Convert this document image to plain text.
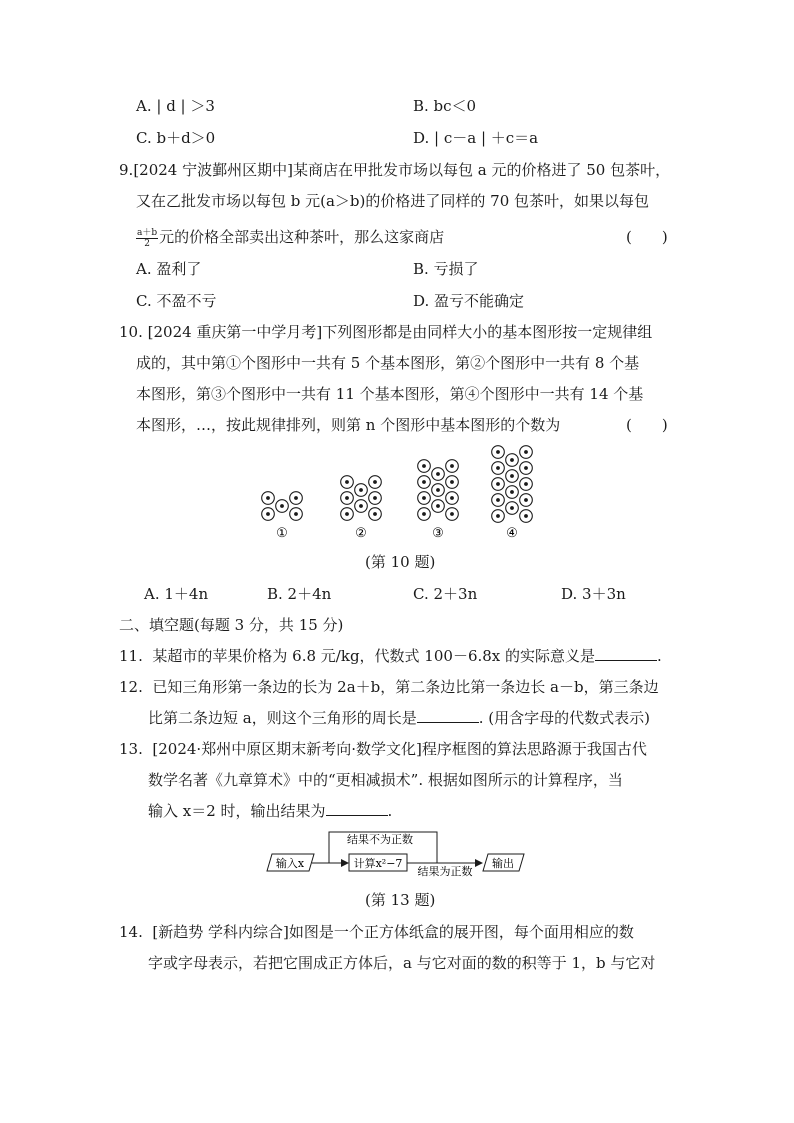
A. | d | ＞3	B. bc＜0
C. b＋d＞0	D. | c－a | ＋c＝a
9.[2024 宁波鄞州区期中]某商店在甲批发市场以每包 a 元的价格进了 50 包茶叶，
又在乙批发市场以每包 b 元(a＞b)的价格进了同样的 70 包茶叶，如果以每包
$\frac{a+b}{2}$ 元的价格全部卖出这种茶叶，那么这家商店	(　　)
A. 盈利了	B. 亏损了
C. 不盈不亏	D. 盈亏不能确定
10. [2024 重庆第一中学月考]下列图形都是由同样大小的基本图形按一定规律组
成的，其中第①个图形中一共有 5 个基本图形，第②个图形中一共有 8 个基
本图形，第③个图形中一共有 11 个基本图形，第④个图形中一共有 14 个基
本图形，…，按此规律排列，则第 n 个图形中基本图形的个数为	(　　)
①	②	③	④
(第 10 题)
A. 1＋4n	B. 2＋4n	C. 2＋3n	D. 3＋3n
二、填空题(每题 3 分，共 15 分)
11. 某超市的苹果价格为 6.8 元/kg，代数式 100－6.8x 的实际意义是	.
12. 已知三角形第一条边的长为 2a＋b，第二条边比第一条边长 a－b，第三条边
比第二条边短 a，则这个三角形的周长是	. (用含字母的代数式表示)
13. [2024·郑州中原区期末新考向·数学文化]程序框图的算法思路源于我国古代
数学名著《九章算术》中的“更相减损术”. 根据如图所示的计算程序，当
输入 x＝2 时，输出结果为	.
输入x	计算x²−7
结果不为正数
结果为正数
输出
(第 13 题)
14. [新趋势 学科内综合]如图是一个正方体纸盒的展开图，每个面用相应的数
字或字母表示，若把它围成正方体后，a 与它对面的数的积等于 1，b 与它对
